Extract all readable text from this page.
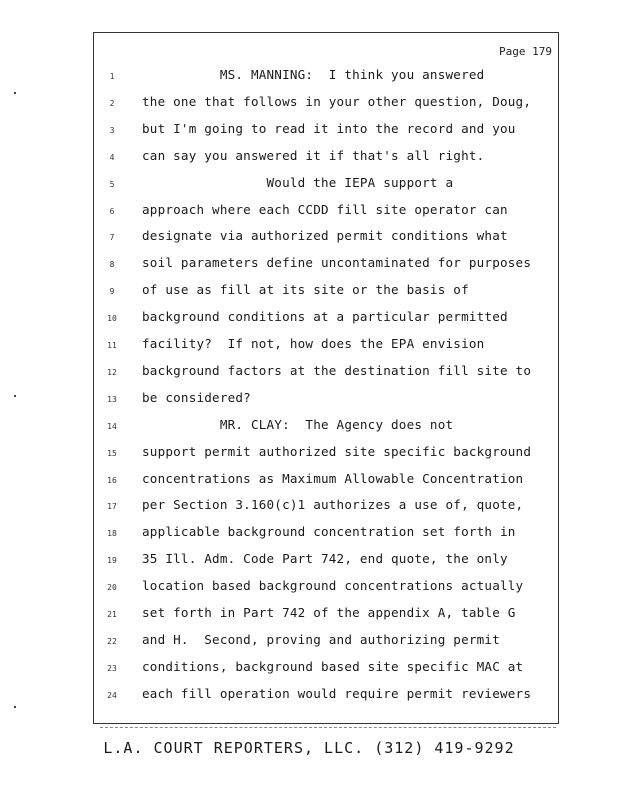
Page 179
1	MS. MANNING:  I think you answered
2	the one that follows in your other question, Doug,
3	but I'm going to read it into the record and you
4	can say you answered it if that's all right.
5	Would the IEPA support a
6	approach where each CCDD fill site operator can
7	designate via authorized permit conditions what
8	soil parameters define uncontaminated for purposes
9	of use as fill at its site or the basis of
10	background conditions at a particular permitted
11	facility?  If not, how does the EPA envision
12	background factors at the destination fill site to
13	be considered?
14	MR. CLAY:  The Agency does not
15	support permit authorized site specific background
16	concentrations as Maximum Allowable Concentration
17	per Section 3.160(c)1 authorizes a use of, quote,
18	applicable background concentration set forth in
19	35 Ill. Adm. Code Part 742, end quote, the only
20	location based background concentrations actually
21	set forth in Part 742 of the appendix A, table G
22	and H.  Second, proving and authorizing permit
23	conditions, background based site specific MAC at
24	each fill operation would require permit reviewers
L.A. COURT REPORTERS, LLC. (312) 419-9292
